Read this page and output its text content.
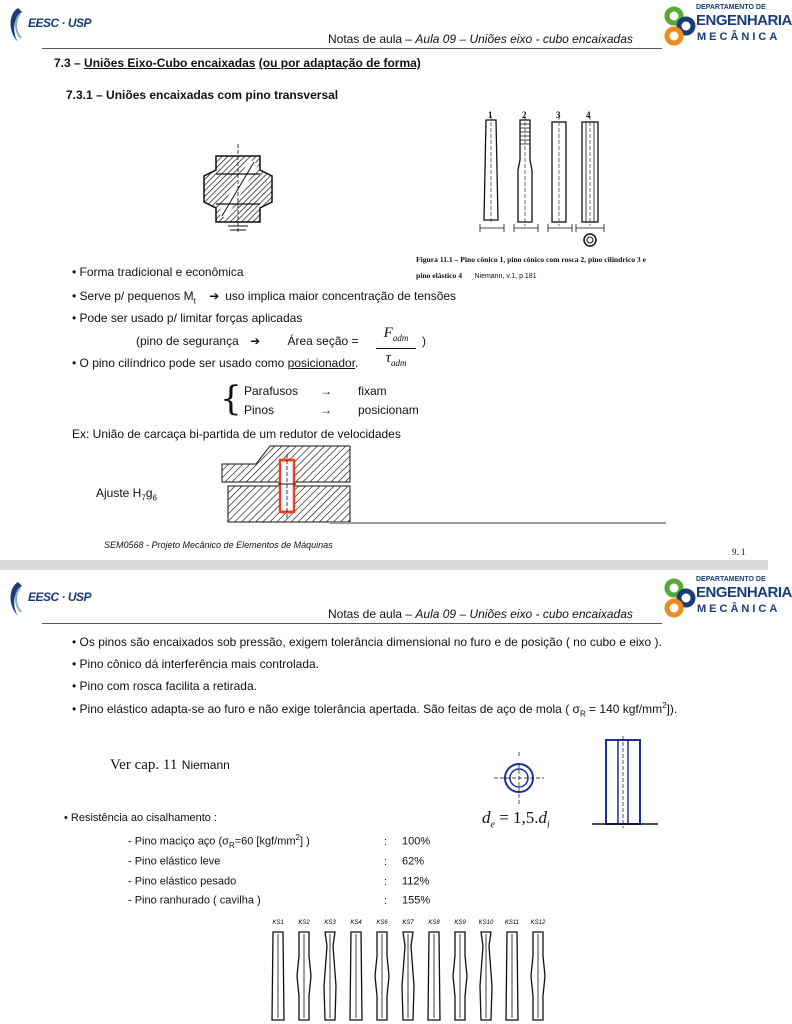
EESC · USP
DEPARTAMENTO DE
ENGENHARIA
MECÂNICA
Notas de aula – Aula 09 – Uniões eixo - cubo encaixadas
7.3 – Uniões Eixo-Cubo encaixadas (ou por adaptação de forma)
7.3.1 – Uniões encaixadas com pino transversal
1	2	3	4
Figura 11.1 – Pino cônico 1, pino cônico com rosca 2, pino cilíndrico 3 e
pino elástico 4 Niemann, v.1, p.181
• Forma tradicional e econômica
• Serve p/ pequenos $M_t$ ➔ uso implica maior concentração de tensões
• Pode ser usado p/ limitar forças aplicadas
(pino de segurança ➔ Área seção =	$F_{adm}$
$\tau_{adm}$
)
• O pino cilíndrico pode ser usado como posicionador.
{ Parafusos → fixam
Pinos	→ posicionam
Ex: União de carcaça bi-partida de um redutor de velocidades
Ajuste $H_7g_6$
SEM0568 - Projeto Mecânico de Elementos de Máquinas
9. 1
EESC · USP
DEPARTAMENTO DE
ENGENHARIA
MECÂNICA
Notas de aula – Aula 09 – Uniões eixo - cubo encaixadas
• Os pinos são encaixados sob pressão, exigem tolerância dimensional no furo e de posição ( no cubo e eixo ).
• Pino cônico dá interferência mais controlada.
• Pino com rosca facilita a retirada.
• Pino elástico adapta-se ao furo e não exige tolerância apertada. São feitas de aço de mola ( $\sigma_R = 140$ kgf/$mm^2$]).
Ver cap. 11 Niemann
$d_e = 1,5.d_i$
• Resistência ao cisalhamento :
- Pino maciço aço ($\sigma_R=60$ $[kgf/mm^2]$ )	: 100%
- Pino elástico leve	: 62%
- Pino elástico pesado	: 112%
- Pino ranhurado ( cavilha )	: 155%
KS1 KS2 KS3 KS4 KS6 KS7 KS8 KS9 KS10 KS11 KS12
